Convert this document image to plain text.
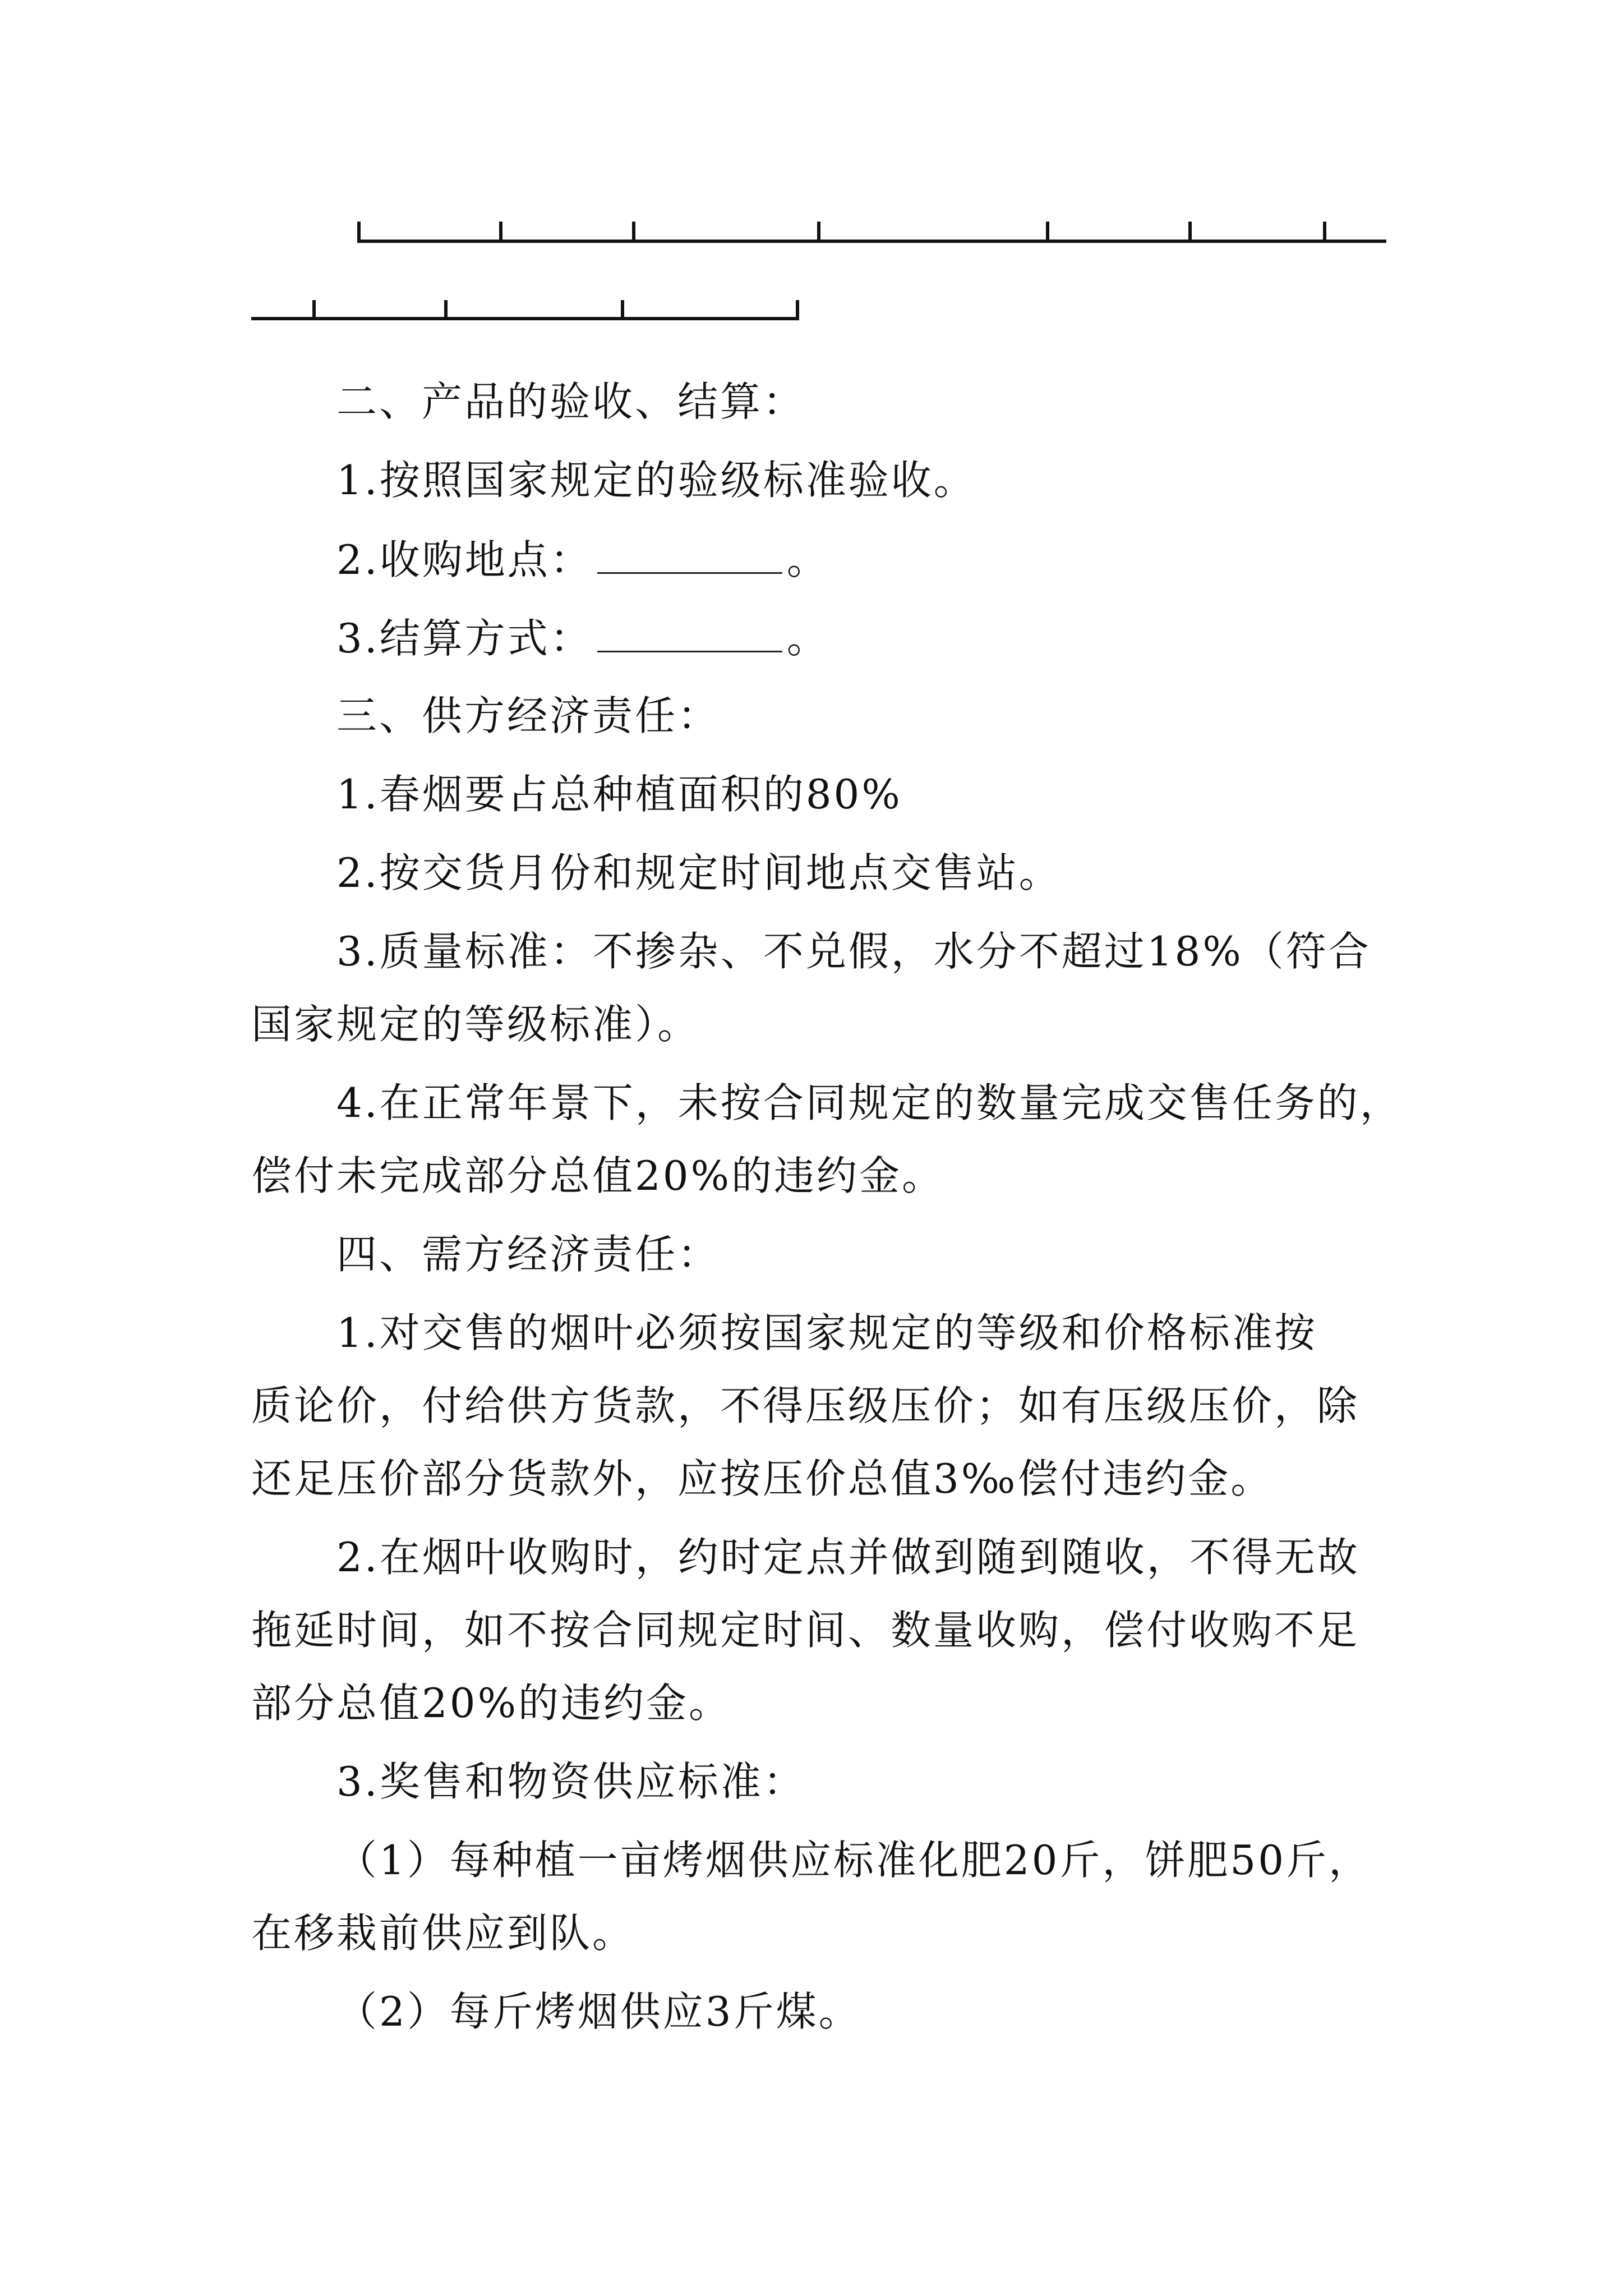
二、产品的验收、结算：
1.按照国家规定的验级标准验收。
2.收购地点：	。
3.结算方式：	。
三、供方经济责任：
1.春烟要占总种植面积的80%
2.按交货月份和规定时间地点交售站。
3.质量标准：不掺杂、不兑假，水分不超过18%（符合
国家规定的等级标准）。
4.在正常年景下，未按合同规定的数量完成交售任务的，
偿付未完成部分总值20%的违约金。
四、需方经济责任：
1.对交售的烟叶必须按国家规定的等级和价格标准按
质论价，付给供方货款，不得压级压价；如有压级压价，除
还足压价部分货款外，应按压价总值3‰偿付违约金。
2.在烟叶收购时，约时定点并做到随到随收，不得无故
拖延时间，如不按合同规定时间、数量收购，偿付收购不足
部分总值20%的违约金。
3.奖售和物资供应标准：
（1）每种植一亩烤烟供应标准化肥20斤，饼肥50斤，
在移栽前供应到队。
（2）每斤烤烟供应3斤煤。
